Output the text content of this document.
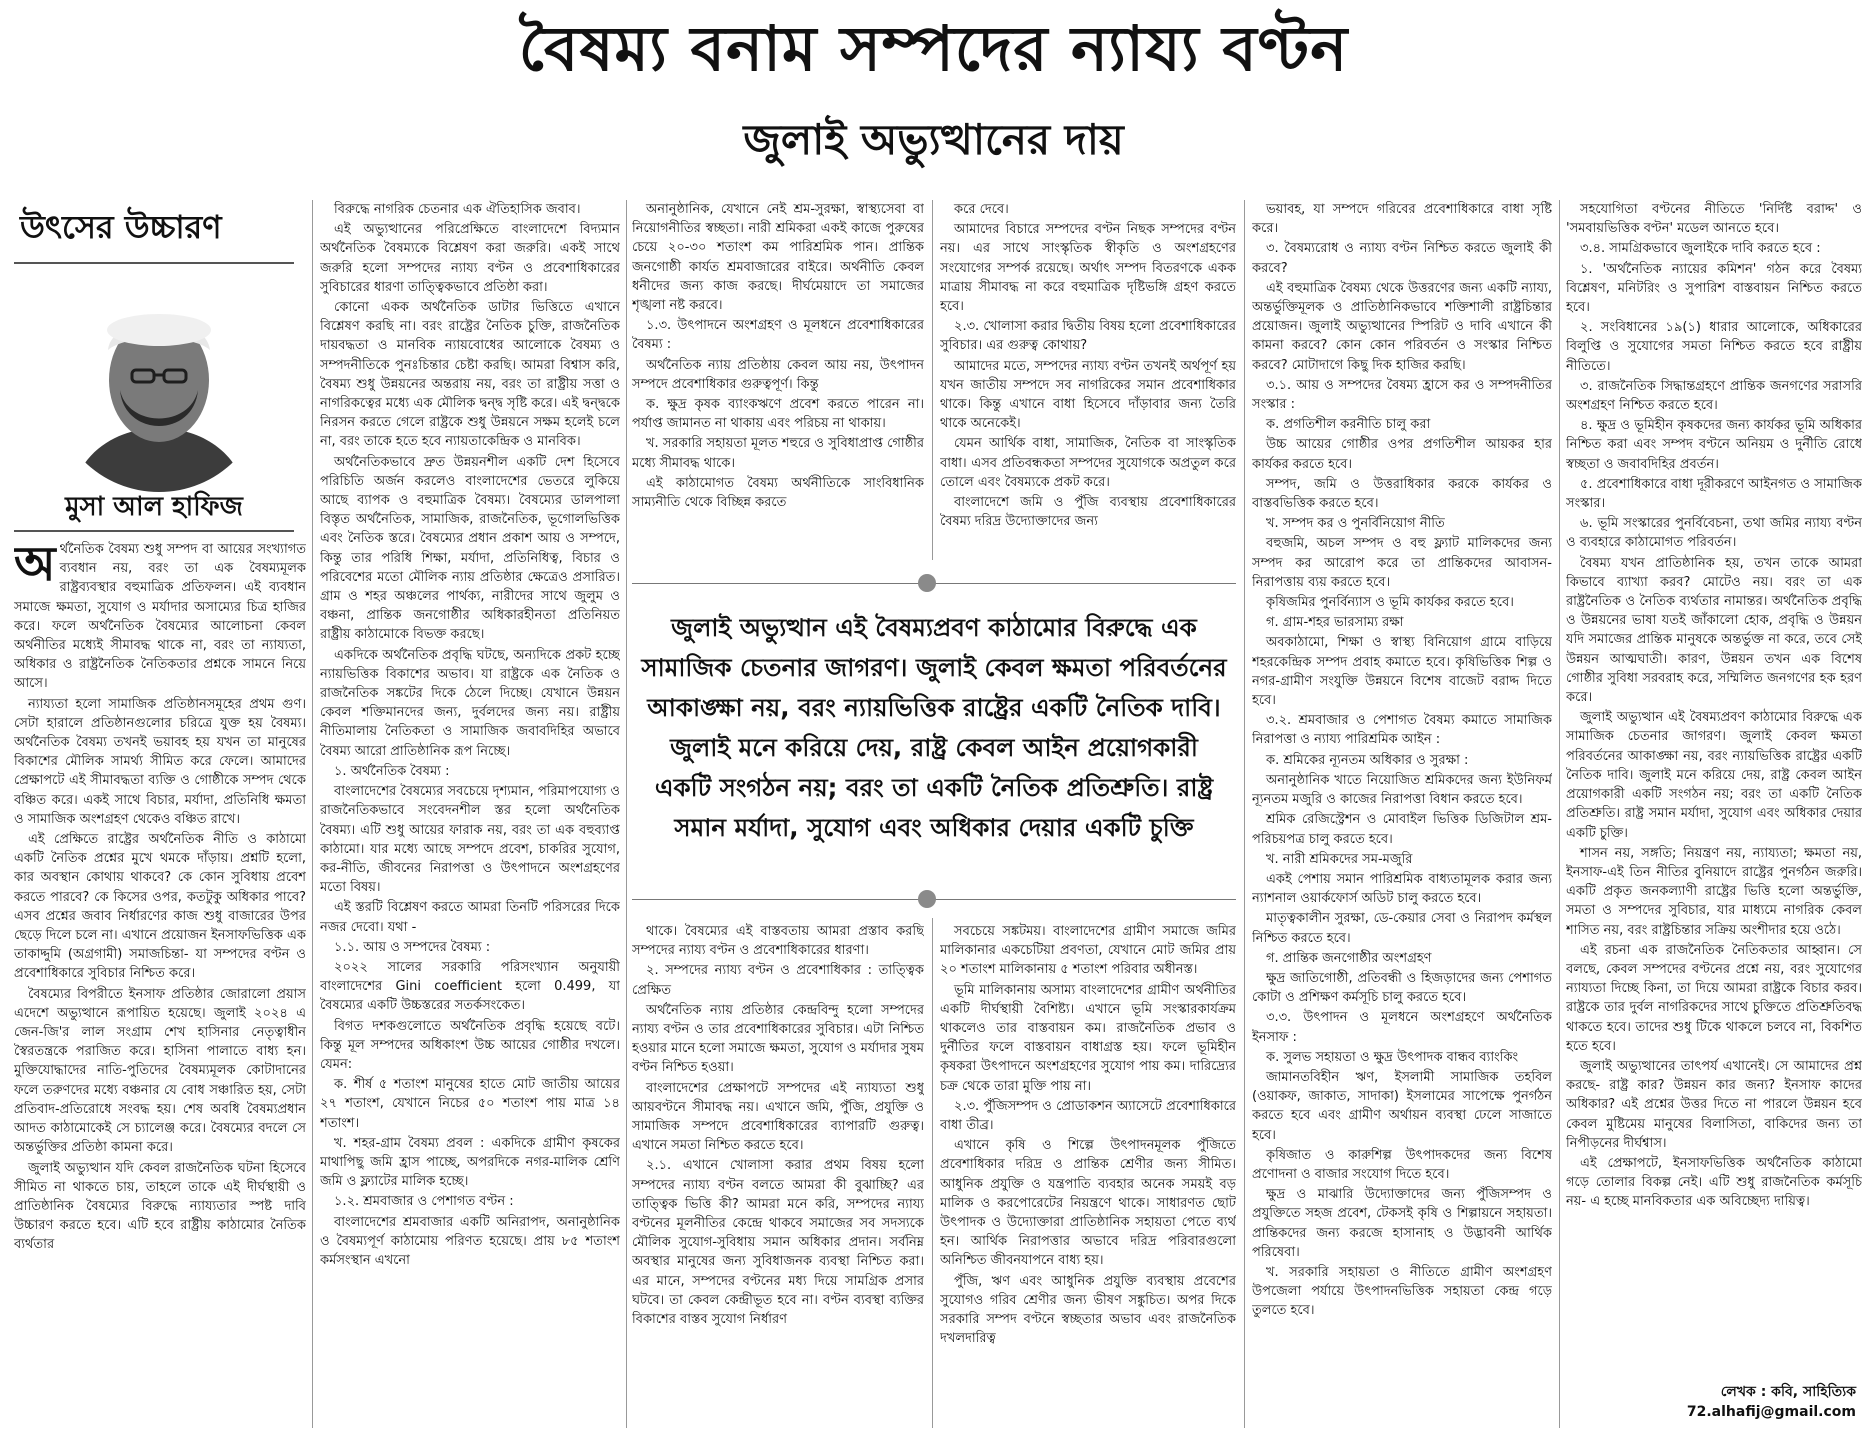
বৈষম্য বনাম সম্পদের ন্যায্য বণ্টন
জুলাই অভ্যুত্থানের দায়
উৎসের উচ্চারণ
মুসা আল হাফিজ

অর্থনৈতিক বৈষম্য শুধু সম্পদ বা আয়ের সংখ্যাগত ব্যবধান নয়, বরং তা এক বৈষম্যমূলক রাষ্ট্রব্যবস্থার বহুমাত্রিক প্রতিফলন। এই ব্যবধান সমাজে ক্ষমতা, সুযোগ ও মর্যাদার অসাম্যের চিত্র হাজির করে। ফলে অর্থনৈতিক বৈষম্যের আলোচনা কেবল অর্থনীতির মধ্যেই সীমাবদ্ধ থাকে না, বরং তা ন্যায্যতা, অধিকার ও রাষ্ট্রনৈতিক নৈতিকতার প্রশ্নকে সামনে নিয়ে আসে।

ন্যায্যতা হলো সামাজিক প্রতিষ্ঠানসমূহের প্রথম গুণ। সেটা হারালে প্রতিষ্ঠানগুলোর চরিত্রে যুক্ত হয় বৈষম্য। অর্থনৈতিক বৈষম্য তখনই ভয়াবহ হয় যখন তা মানুষের বিকাশের মৌলিক সামর্থ্য সীমিত করে ফেলে। আমাদের প্রেক্ষাপটে এই সীমাবদ্ধতা ব্যক্তি ও গোষ্ঠীকে সম্পদ থেকে বঞ্চিত করে। একই সাথে বিচার, মর্যাদা, প্রতিনিধি ক্ষমতা ও সামাজিক অংশগ্রহণ থেকেও বঞ্চিত রাখে।

এই প্রেক্ষিতে রাষ্ট্রের অর্থনৈতিক নীতি ও কাঠামো একটি নৈতিক প্রশ্নের মুখে থমকে দাঁড়ায়। প্রশ্নটি হলো, কার অবস্থান কোথায় থাকবে? কে কোন সুবিধায় প্রবেশ করতে পারবে? কে কিসের ওপর, কতটুকু অধিকার পাবে? এসব প্রশ্নের জবাব নির্ধারণের কাজ শুধু বাজারের উপর ছেড়ে দিলে চলে না। এখানে প্রয়োজন ইনসাফভিত্তিক এক তাকাদ্দুমি (অগ্রগামী) সমাজচিন্তা- যা সম্পদের বণ্টন ও প্রবেশাধিকারে সুবিচার নিশ্চিত করে।

বৈষম্যের বিপরীতে ইনসাফ প্রতিষ্ঠার জোরালো প্রয়াস এদেশে অভ্যুত্থানে রূপায়িত হয়েছে। জুলাই ২০২৪ এ জেন-জি'র লাল সংগ্রাম শেখ হাসিনার নেতৃত্বাধীন স্বৈরতন্ত্রকে পরাজিত করে। হাসিনা পালাতে বাধ্য হন। মুক্তিযোদ্ধাদের নাতি-পুতিদের বৈষম্যমূলক কোটাদানের ফলে তরুণদের মধ্যে বঞ্চনার যে বোধ সঞ্চারিত হয়, সেটা প্রতিবাদ-প্রতিরোধে সংবদ্ধ হয়। শেষ অবধি বৈষম্যপ্রধান আদত কাঠামোকেই সে চ্যালেঞ্জ করে। বৈষম্যের বদলে সে অন্তর্ভুক্তির প্রতিষ্ঠা কামনা করে।

জুলাই অভ্যুত্থান যদি কেবল রাজনৈতিক ঘটনা হিসেবে সীমিত না থাকতে চায়, তাহলে তাকে এই দীর্ঘস্থায়ী ও প্রাতিষ্ঠানিক বৈষম্যের বিরুদ্ধে ন্যায্যতার স্পষ্ট দাবি উচ্চারণ করতে হবে। এটি হবে রাষ্ট্রীয় কাঠামোর নৈতিক ব্যর্থতার

বিরুদ্ধে নাগরিক চেতনার এক ঐতিহাসিক জবাব।

এই অভ্যুত্থানের পরিপ্রেক্ষিতে বাংলাদেশে বিদ্যমান অর্থনৈতিক বৈষম্যকে বিশ্লেষণ করা জরুরি। একই সাথে জরুরি হলো সম্পদের ন্যায্য বণ্টন ও প্রবেশাধিকারের সুবিচারের ধারণা তাত্ত্বিকভাবে প্রতিষ্ঠা করা।

কোনো একক অর্থনৈতিক ডাটার ভিত্তিতে এখানে বিশ্লেষণ করছি না। বরং রাষ্ট্রের নৈতিক চুক্তি, রাজনৈতিক দায়বদ্ধতা ও মানবিক ন্যায়বোধের আলোকে বৈষম্য ও সম্পদনীতিকে পুনঃচিন্তার চেষ্টা করছি। আমরা বিশ্বাস করি, বৈষম্য শুধু উন্নয়নের অন্তরায় নয়, বরং তা রাষ্ট্রীয় সত্তা ও নাগরিকত্বের মধ্যে এক মৌলিক দ্বন্দ্ব সৃষ্টি করে। এই দ্বন্দ্বকে নিরসন করতে গেলে রাষ্ট্রকে শুধু উন্নয়নে সক্ষম হলেই চলে না, বরং তাকে হতে হবে ন্যায়তাকেন্দ্রিক ও মানবিক।

অর্থনৈতিকভাবে দ্রুত উন্নয়নশীল একটি দেশ হিসেবে পরিচিতি অর্জন করলেও বাংলাদেশের ভেতরে লুকিয়ে আছে ব্যাপক ও বহুমাত্রিক বৈষম্য। বৈষম্যের ডালপালা বিস্তৃত অর্থনৈতিক, সামাজিক, রাজনৈতিক, ভূগোলভিত্তিক এবং নৈতিক স্তরে। বৈষম্যের প্রধান প্রকাশ আয় ও সম্পদে, কিন্তু তার পরিধি শিক্ষা, মর্যাদা, প্রতিনিধিত্ব, বিচার ও পরিবেশের মতো মৌলিক ন্যায় প্রতিষ্ঠার ক্ষেত্রেও প্রসারিত। গ্রাম ও শহর অঞ্চলের পার্থক্য, নারীদের সাথে জুলুম ও বঞ্চনা, প্রান্তিক জনগোষ্ঠীর অধিকারহীনতা প্রতিনিয়ত রাষ্ট্রীয় কাঠামোকে বিভক্ত করছে।

একদিকে অর্থনৈতিক প্রবৃদ্ধি ঘটছে, অন্যদিকে প্রকট হচ্ছে ন্যায়ভিত্তিক বিকাশের অভাব। যা রাষ্ট্রকে এক নৈতিক ও রাজনৈতিক সঙ্কটের দিকে ঠেলে দিচ্ছে। যেখানে উন্নয়ন কেবল শক্তিমানদের জন্য, দুর্বলদের জন্য নয়। রাষ্ট্রীয় নীতিমালায় নৈতিকতা ও সামাজিক জবাবদিহির অভাবে বৈষম্য আরো প্রাতিষ্ঠানিক রূপ নিচ্ছে।

১. অর্থনৈতিক বৈষম্য :

বাংলাদেশের বৈষম্যের সবচেয়ে দৃশ্যমান, পরিমাপযোগ্য ও রাজনৈতিকভাবে সংবেদনশীল স্তর হলো অর্থনৈতিক বৈষম্য। এটি শুধু আয়ের ফারাক নয়, বরং তা এক বহুব্যাপ্ত কাঠামো। যার মধ্যে আছে সম্পদে প্রবেশ, চাকরির সুযোগ, কর-নীতি, জীবনের নিরাপত্তা ও উৎপাদনে অংশগ্রহণের মতো বিষয়।

এই স্তরটি বিশ্লেষণ করতে আমরা তিনটি পরিসরের দিকে নজর দেবো। যথা -

১.১. আয় ও সম্পদের বৈষম্য :

২০২২ সালের সরকারি পরিসংখ্যান অনুযায়ী বাংলাদেশের Gini coefficient হলো 0.499, যা বৈষম্যের একটি উচ্চস্তরের সতর্কসংকেত।

বিগত দশকগুলোতে অর্থনৈতিক প্রবৃদ্ধি হয়েছে বটে। কিন্তু মূল সম্পদের অধিকাংশ উচ্চ আয়ের গোষ্ঠীর দখলে। যেমন:

ক. শীর্ষ ৫ শতাংশ মানুষের হাতে মোট জাতীয় আয়ের ২৭ শতাংশ, যেখানে নিচের ৫০ শতাংশ পায় মাত্র ১৪ শতাংশ।

খ. শহর-গ্রাম বৈষম্য প্রবল : একদিকে গ্রামীণ কৃষকের মাথাপিছু জমি হ্রাস পাচ্ছে, অপরদিকে নগর-মালিক শ্রেণি জমি ও ফ্ল্যাটের মালিক হচ্ছে।

১.২. শ্রমবাজার ও পেশাগত বণ্টন :

বাংলাদেশের শ্রমবাজার একটি অনিরাপদ, অনানুষ্ঠানিক ও বৈষম্যপূর্ণ কাঠামোয় পরিণত হয়েছে। প্রায় ৮৫ শতাংশ কর্মসংস্থান এখনো

অনানুষ্ঠানিক, যেখানে নেই শ্রম-সুরক্ষা, স্বাস্থ্যসেবা বা নিয়োগনীতির স্বচ্ছতা। নারী শ্রমিকরা একই কাজে পুরুষের চেয়ে ২০-৩০ শতাংশ কম পারিশ্রমিক পান। প্রান্তিক জনগোষ্ঠী কার্যত শ্রমবাজারের বাইরে। অর্থনীতি কেবল ধনীদের জন্য কাজ করছে। দীর্ঘমেয়াদে তা সমাজের শৃঙ্খলা নষ্ট করবে।

১.৩. উৎপাদনে অংশগ্রহণ ও মূলধনে প্রবেশাধিকারের বৈষম্য :

অর্থনৈতিক ন্যায় প্রতিষ্ঠায় কেবল আয় নয়, উৎপাদন সম্পদে প্রবেশাধিকার গুরুত্বপূর্ণ। কিন্তু

ক. ক্ষুদ্র কৃষক ব্যাংকঋণে প্রবেশ করতে পারেন না। পর্যাপ্ত জামানত না থাকায় এবং পরিচয় না থাকায়।

খ. সরকারি সহায়তা মূলত শহুরে ও সুবিধাপ্রাপ্ত গোষ্ঠীর মধ্যে সীমাবদ্ধ থাকে।

এই কাঠামোগত বৈষম্য অর্থনীতিকে সাংবিধানিক সাম্যনীতি থেকে বিচ্ছিন্ন করতে

করে দেবে।

আমাদের বিচারে সম্পদের বণ্টন নিছক সম্পদের বণ্টন নয়। এর সাথে সাংস্কৃতিক স্বীকৃতি ও অংশগ্রহণের সংযোগের সম্পর্ক রয়েছে। অর্থাৎ সম্পদ বিতরণকে একক মাত্রায় সীমাবদ্ধ না করে বহুমাত্রিক দৃষ্টিভঙ্গি গ্রহণ করতে হবে।

২.৩. খোলাসা করার দ্বিতীয় বিষয় হলো প্রবেশাধিকারের সুবিচার। এর গুরুত্ব কোথায়?

আমাদের মতে, সম্পদের ন্যায্য বণ্টন তখনই অর্থপূর্ণ হয় যখন জাতীয় সম্পদে সব নাগরিকের সমান প্রবেশাধিকার থাকে। কিন্তু এখানে বাধা হিসেবে দাঁড়াবার জন্য তৈরি থাকে অনেকেই।

যেমন আর্থিক বাধা, সামাজিক, নৈতিক বা সাংস্কৃতিক বাধা। এসব প্রতিবন্ধকতা সম্পদের সুযোগকে অপ্রতুল করে তোলে এবং বৈষম্যকে প্রকট করে।

বাংলাদেশে জমি ও পুঁজি ব্যবস্থায় প্রবেশাধিকারের বৈষম্য দরিদ্র উদ্যোক্তাদের জন্য

জুলাই অভ্যুত্থান এই বৈষম্যপ্রবণ কাঠামোর বিরুদ্ধে এক সামাজিক চেতনার জাগরণ। জুলাই কেবল ক্ষমতা পরিবর্তনের আকাঙ্ক্ষা নয়, বরং ন্যায়ভিত্তিক রাষ্ট্রের একটি নৈতিক দাবি। জুলাই মনে করিয়ে দেয়, রাষ্ট্র কেবল আইন প্রয়োগকারী একটি সংগঠন নয়; বরং তা একটি নৈতিক প্রতিশ্রুতি। রাষ্ট্র সমান মর্যাদা, সুযোগ এবং অধিকার দেয়ার একটি চুক্তি

থাকে। বৈষম্যের এই বাস্তবতায় আমরা প্রস্তাব করছি সম্পদের ন্যায্য বণ্টন ও প্রবেশাধিকারের ধারণা।

২. সম্পদের ন্যায্য বণ্টন ও প্রবেশাধিকার : তাত্ত্বিক প্রেক্ষিত

অর্থনৈতিক ন্যায় প্রতিষ্ঠার কেন্দ্রবিন্দু হলো সম্পদের ন্যায্য বণ্টন ও তার প্রবেশাধিকারের সুবিচার। এটা নিশ্চিত হওয়ার মানে হলো সমাজে ক্ষমতা, সুযোগ ও মর্যাদার সুষম বণ্টন নিশ্চিত হওয়া।

বাংলাদেশের প্রেক্ষাপটে সম্পদের এই ন্যায্যতা শুধু আয়বণ্টনে সীমাবদ্ধ নয়। এখানে জমি, পুঁজি, প্রযুক্তি ও সামাজিক সম্পদে প্রবেশাধিকারের ব্যাপারটি গুরুত্ব। এখানে সমতা নিশ্চিত করতে হবে।

২.১. এখানে খোলাসা করার প্রথম বিষয় হলো সম্পদের ন্যায্য বণ্টন বলতে আমরা কী বুঝাচ্ছি? এর তাত্ত্বিক ভিত্তি কী? আমরা মনে করি, সম্পদের ন্যায্য বণ্টনের মূলনীতির কেন্দ্রে থাকবে সমাজের সব সদস্যকে মৌলিক সুযোগ-সুবিধায় সমান অধিকার প্রদান। সর্বনিম্ন অবস্থার মানুষের জন্য সুবিধাজনক ব্যবস্থা নিশ্চিত করা। এর মানে, সম্পদের বণ্টনের মধ্য দিয়ে সামগ্রিক প্রসার ঘটবে। তা কেবল কেন্দ্রীভূত হবে না। বণ্টন ব্যবস্থা ব্যক্তির বিকাশের বাস্তব সুযোগ নির্ধারণ

সবচেয়ে সঙ্কটময়। বাংলাদেশের গ্রামীণ সমাজে জমির মালিকানার একচেটিয়া প্রবণতা, যেখানে মোট জমির প্রায় ২০ শতাংশ মালিকানায় ৫ শতাংশ পরিবার অধীনস্ত।

ভূমি মালিকানায় অসাম্য বাংলাদেশের গ্রামীণ অর্থনীতির একটি দীর্ঘস্থায়ী বৈশিষ্ট্য। এখানে ভূমি সংস্কারকার্যক্রম থাকলেও তার বাস্তবায়ন কম। রাজনৈতিক প্রভাব ও দুর্নীতির ফলে বাস্তবায়ন বাধাগ্রস্ত হয়। ফলে ভূমিহীন কৃষকরা উৎপাদনে অংশগ্রহণের সুযোগ পায় কম। দারিদ্র্যের চক্র থেকে তারা মুক্তি পায় না।

২.৩. পুঁজিসম্পদ ও প্রোডাকশন অ্যাসেটে প্রবেশাধিকারে বাধা তীব্র।

এখানে কৃষি ও শিল্পে উৎপাদনমূলক পুঁজিতে প্রবেশাধিকার দরিদ্র ও প্রান্তিক শ্রেণীর জন্য সীমিত। আধুনিক প্রযুক্তি ও যন্ত্রপাতি ব্যবহার অনেক সময়ই বড় মালিক ও করপোরেটের নিয়ন্ত্রণে থাকে। সাধারণত ছোট উৎপাদক ও উদ্যোক্তারা প্রাতিষ্ঠানিক সহায়তা পেতে ব্যর্থ হন। আর্থিক নিরাপত্তার অভাবে দরিদ্র পরিবারগুলো অনিশ্চিত জীবনযাপনে বাধ্য হয়।

পুঁজি, ঋণ এবং আধুনিক প্রযুক্তি ব্যবস্থায় প্রবেশের সুযোগও গরিব শ্রেণীর জন্য ভীষণ সঙ্কুচিত। অপর দিকে সরকারি সম্পদ বণ্টনে স্বচ্ছতার অভাব এবং রাজনৈতিক দখলদারিত্ব

ভয়াবহ, যা সম্পদে গরিবের প্রবেশাধিকারে বাধা সৃষ্টি করে।

৩. বৈষম্যরোধ ও ন্যায্য বণ্টন নিশ্চিত করতে জুলাই কী করবে?

এই বহুমাত্রিক বৈষম্য থেকে উত্তরণের জন্য একটি ন্যায্য, অন্তর্ভুক্তিমূলক ও প্রাতিষ্ঠানিকভাবে শক্তিশালী রাষ্ট্রচিন্তার প্রয়োজন। জুলাই অভ্যুত্থানের স্পিরিট ও দাবি এখানে কী কামনা করবে? কোন কোন পরিবর্তন ও সংস্কার নিশ্চিত করবে? মোটাদাগে কিছু দিক হাজির করছি।

৩.১. আয় ও সম্পদের বৈষম্য হ্রাসে কর ও সম্পদনীতির সংস্কার :

ক. প্রগতিশীল করনীতি চালু করা

উচ্চ আয়ের গোষ্ঠীর ওপর প্রগতিশীল আয়কর হার কার্যকর করতে হবে।

সম্পদ, জমি ও উত্তরাধিকার করকে কার্যকর ও বাস্তবভিত্তিক করতে হবে।

খ. সম্পদ কর ও পুনর্বিনিয়োগ নীতি

বহুজমি, অচল সম্পদ ও বহু ফ্ল্যাট মালিকদের জন্য সম্পদ কর আরোপ করে তা প্রান্তিকদের আবাসন-নিরাপত্তায় ব্যয় করতে হবে।

কৃষিজমির পুনর্বিন্যাস ও ভূমি কার্যকর করতে হবে।

গ. গ্রাম-শহর ভারসাম্য রক্ষা

অবকাঠামো, শিক্ষা ও স্বাস্থ্য বিনিয়োগ গ্রামে বাড়িয়ে শহরকেন্দ্রিক সম্পদ প্রবাহ কমাতে হবে। কৃষিভিত্তিক শিল্প ও নগর-গ্রামীণ সংযুক্তি উন্নয়নে বিশেষ বাজেট বরাদ্দ দিতে হবে।

৩.২. শ্রমবাজার ও পেশাগত বৈষম্য কমাতে সামাজিক নিরাপত্তা ও ন্যায্য পারিশ্রমিক আইন :

ক. শ্রমিকের ন্যূনতম অধিকার ও সুরক্ষা :

অনানুষ্ঠানিক খাতে নিয়োজিত শ্রমিকদের জন্য ইউনিফর্ম ন্যূনতম মজুরি ও কাজের নিরাপত্তা বিধান করতে হবে।

শ্রমিক রেজিস্ট্রেশন ও মোবাইল ভিত্তিক ডিজিটাল শ্রম-পরিচয়পত্র চালু করতে হবে।

খ. নারী শ্রমিকদের সম-মজুরি

একই পেশায় সমান পারিশ্রমিক বাধ্যতামূলক করার জন্য ন্যাশনাল ওয়ার্কফোর্স অডিট চালু করতে হবে।

মাতৃত্বকালীন সুরক্ষা, ডে-কেয়ার সেবা ও নিরাপদ কর্মস্থল নিশ্চিত করতে হবে।

গ. প্রান্তিক জনগোষ্ঠীর অংশগ্রহণ

ক্ষুদ্র জাতিগোষ্ঠী, প্রতিবন্ধী ও হিজড়াদের জন্য পেশাগত কোটা ও প্রশিক্ষণ কর্মসূচি চালু করতে হবে।

৩.৩. উৎপাদন ও মূলধনে অংশগ্রহণে অর্থনৈতিক ইনসাফ :

ক. সুলভ সহায়তা ও ক্ষুদ্র উৎপাদক বান্ধব ব্যাংকিং

জামানতবিহীন ঋণ, ইসলামী সামাজিক তহবিল (ওয়াকফ, জাকাত, সাদাকা) ইসলামের সাপেক্ষে পুনর্গঠন করতে হবে এবং গ্রামীণ অর্থায়ন ব্যবস্থা ঢেলে সাজাতে হবে।

কৃষিজাত ও কারুশিল্প উৎপাদকদের জন্য বিশেষ প্রণোদনা ও বাজার সংযোগ দিতে হবে।

ক্ষুদ্র ও মাঝারি উদ্যোক্তাদের জন্য পুঁজিসম্পদ ও প্রযুক্তিতে সহজ প্রবেশ, টেকসই কৃষি ও শিল্পায়নে সহায়তা। প্রান্তিকদের জন্য করজে হাসানাহ ও উদ্ভাবনী আর্থিক পরিষেবা।

খ. সরকারি সহায়তা ও নীতিতে গ্রামীণ অংশগ্রহণ উপজেলা পর্যায়ে উৎপাদনভিত্তিক সহায়তা কেন্দ্র গড়ে তুলতে হবে।

সহযোগিতা বণ্টনের নীতিতে 'নির্দিষ্ট বরাদ্দ' ও 'সমবায়ভিত্তিক বণ্টন' মডেল আনতে হবে।

৩.৪. সামগ্রিকভাবে জুলাইকে দাবি করতে হবে :

১. 'অর্থনৈতিক ন্যায়ের কমিশন' গঠন করে বৈষম্য বিশ্লেষণ, মনিটরিং ও সুপারিশ বাস্তবায়ন নিশ্চিত করতে হবে।

২. সংবিধানের ১৯(১) ধারার আলোকে, অধিকারের বিলুপ্তি ও সুযোগের সমতা নিশ্চিত করতে হবে রাষ্ট্রীয় নীতিতে।

৩. রাজনৈতিক সিদ্ধান্তগ্রহণে প্রান্তিক জনগণের সরাসরি অংশগ্রহণ নিশ্চিত করতে হবে।

৪. ক্ষুদ্র ও ভূমিহীন কৃষকদের জন্য কার্যকর ভূমি অধিকার নিশ্চিত করা এবং সম্পদ বণ্টনে অনিয়ম ও দুর্নীতি রোধে স্বচ্ছতা ও জবাবদিহির প্রবর্তন।

৫. প্রবেশাধিকারে বাধা দূরীকরণে আইনগত ও সামাজিক সংস্কার।

৬. ভূমি সংস্কারের পুনর্বিবেচনা, তথা জমির ন্যায্য বণ্টন ও ব্যবহারে কাঠামোগত পরিবর্তন।

বৈষম্য যখন প্রাতিষ্ঠানিক হয়, তখন তাকে আমরা কিভাবে ব্যাখ্যা করব? মোটেও নয়। বরং তা এক রাষ্ট্রনৈতিক ও নৈতিক ব্যর্থতার নামান্তর। অর্থনৈতিক প্রবৃদ্ধি ও উন্নয়নের ভাষা যতই জাঁকালো হোক, প্রবৃদ্ধি ও উন্নয়ন যদি সমাজের প্রান্তিক মানুষকে অন্তর্ভুক্ত না করে, তবে সেই উন্নয়ন আত্মঘাতী। কারণ, উন্নয়ন তখন এক বিশেষ গোষ্ঠীর সুবিধা সরবরাহ করে, সম্মিলিত জনগণের হক হরণ করে।

জুলাই অভ্যুত্থান এই বৈষম্যপ্রবণ কাঠামোর বিরুদ্ধে এক সামাজিক চেতনার জাগরণ। জুলাই কেবল ক্ষমতা পরিবর্তনের আকাঙ্ক্ষা নয়, বরং ন্যায়ভিত্তিক রাষ্ট্রের একটি নৈতিক দাবি। জুলাই মনে করিয়ে দেয়, রাষ্ট্র কেবল আইন প্রয়োগকারী একটি সংগঠন নয়; বরং তা একটি নৈতিক প্রতিশ্রুতি। রাষ্ট্র সমান মর্যাদা, সুযোগ এবং অধিকার দেয়ার একটি চুক্তি।

শাসন নয়, সঙ্গতি; নিয়ন্ত্রণ নয়, ন্যায্যতা; ক্ষমতা নয়, ইনসাফ-এই তিন নীতির বুনিয়াদে রাষ্ট্রের পুনর্গঠন জরুরি। একটি প্রকৃত জনকল্যাণী রাষ্ট্রের ভিত্তি হলো অন্তর্ভুক্তি, সমতা ও সম্পদের সুবিচার, যার মাধ্যমে নাগরিক কেবল শাসিত নয়, বরং রাষ্ট্রচিন্তার সক্রিয় অংশীদার হয়ে ওঠে।

এই রচনা এক রাজনৈতিক নৈতিকতার আহ্বান। সে বলছে, কেবল সম্পদের বণ্টনের প্রশ্নে নয়, বরং সুযোগের ন্যায্যতা দিচ্ছে কিনা, তা দিয়ে আমরা রাষ্ট্রকে বিচার করব। রাষ্ট্রকে তার দুর্বল নাগরিকদের সাথে চুক্তিতে প্রতিশ্রুতিবদ্ধ থাকতে হবে। তাদের শুধু টিকে থাকলে চলবে না, বিকশিত হতে হবে।

জুলাই অভ্যুত্থানের তাৎপর্য এখানেই। সে আমাদের প্রশ্ন করছে- রাষ্ট্র কার? উন্নয়ন কার জন্য? ইনসাফ কাদের অধিকার? এই প্রশ্নের উত্তর দিতে না পারলে উন্নয়ন হবে কেবল মুষ্টিমেয় মানুষের বিলাসিতা, বাকিদের জন্য তা নিপীড়নের দীর্ঘশ্বাস।

এই প্রেক্ষাপটে, ইনসাফভিত্তিক অর্থনৈতিক কাঠামো গড়ে তোলার বিকল্প নেই। এটি শুধু রাজনৈতিক কর্মসূচি নয়- এ হচ্ছে মানবিকতার এক অবিচ্ছেদ্য দায়িত্ব।

লেখক : কবি, সাহিত্যিক
72.alhafij@gmail.com
